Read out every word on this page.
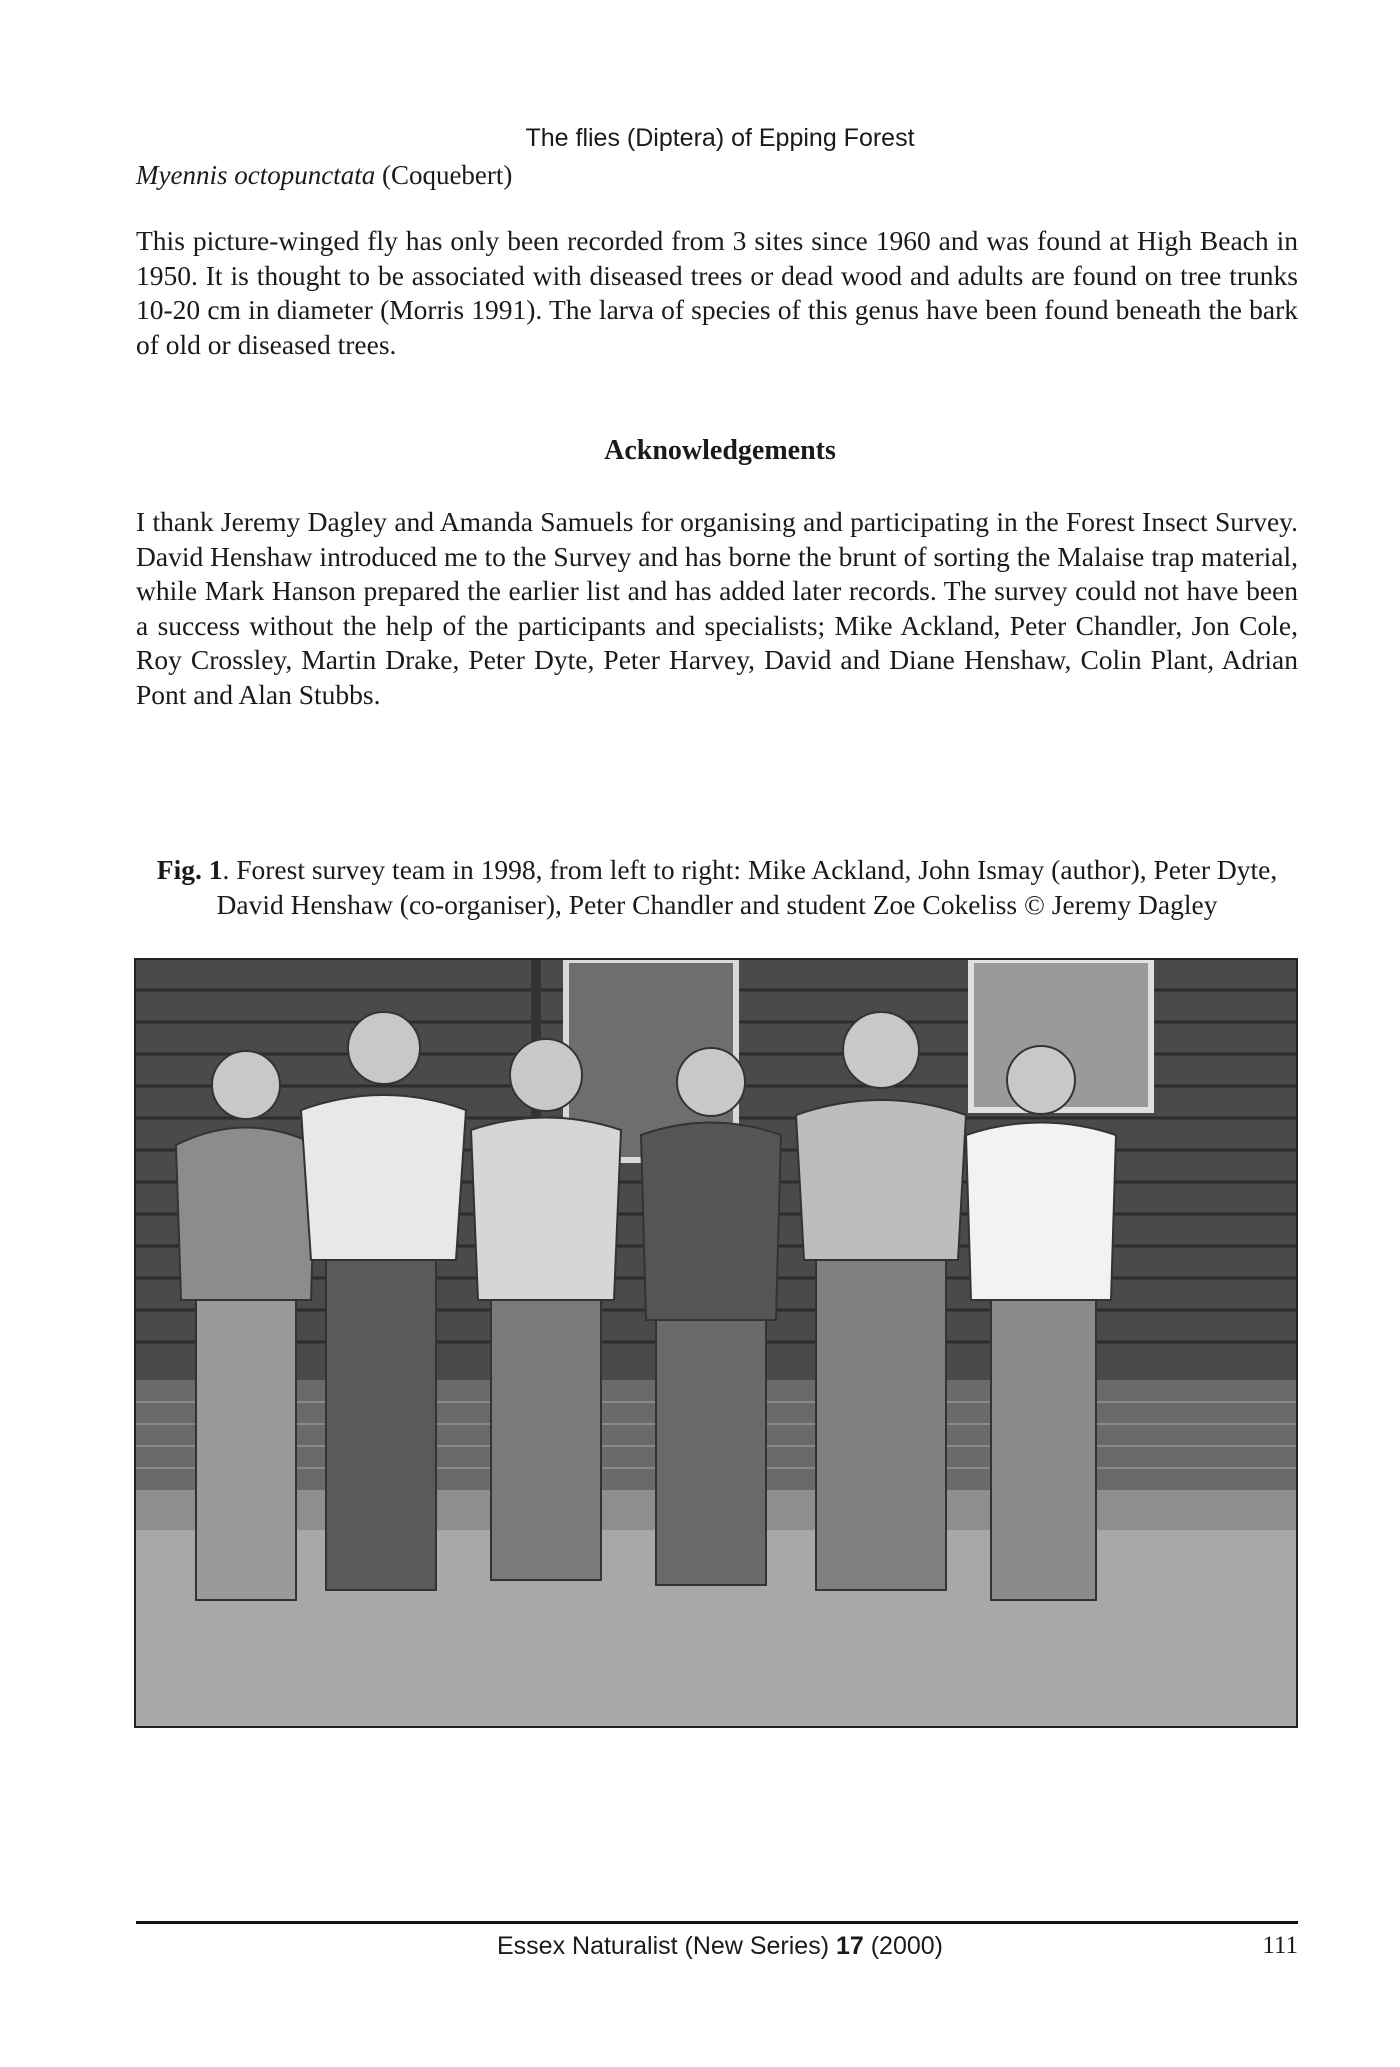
The flies (Diptera) of Epping Forest
Myennis octopunctata (Coquebert)

This picture-winged fly has only been recorded from 3 sites since 1960 and was found at High Beach in 1950. It is thought to be associated with diseased trees or dead wood and adults are found on tree trunks 10-20 cm in diameter (Morris 1991). The larva of species of this genus have been found beneath the bark of old or diseased trees.

Acknowledgements

I thank Jeremy Dagley and Amanda Samuels for organising and participating in the Forest Insect Survey. David Henshaw introduced me to the Survey and has borne the brunt of sorting the Malaise trap material, while Mark Hanson prepared the earlier list and has added later records. The survey could not have been a success without the help of the participants and specialists; Mike Ackland, Peter Chandler, Jon Cole, Roy Crossley, Martin Drake, Peter Dyte, Peter Harvey, David and Diane Henshaw, Colin Plant, Adrian Pont and Alan Stubbs.

Fig. 1. Forest survey team in 1998, from left to right: Mike Ackland, John Ismay (author), Peter Dyte, David Henshaw (co-organiser), Peter Chandler and student Zoe Cokeliss © Jeremy Dagley

Essex Naturalist (New Series) 17 (2000)	111
